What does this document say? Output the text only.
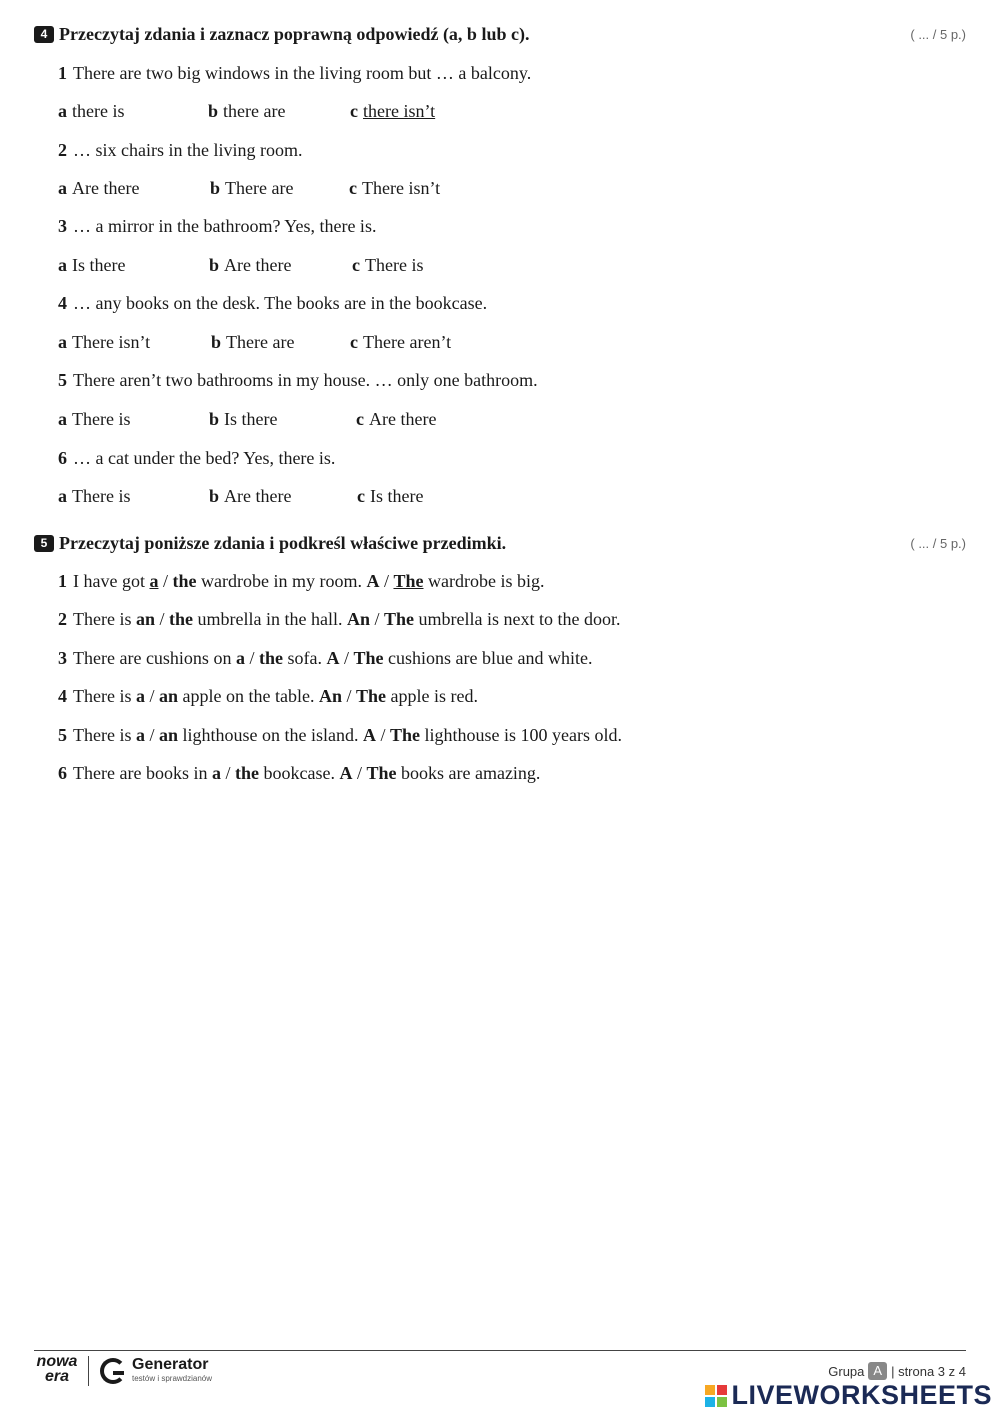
4 Przeczytaj zdania i zaznacz poprawną odpowiedź (a, b lub c).	( ... / 5 p.)
1 There are two big windows in the living room but … a balcony.
a there is	b there are	c there isn’t
2 … six chairs in the living room.
a Are there	b There are	c There isn’t
3 … a mirror in the bathroom? Yes, there is.
a Is there	b Are there	c There is
4 … any books on the desk. The books are in the bookcase.
a There isn’t	b There are	c There aren’t
5 There aren’t two bathrooms in my house. … only one bathroom.
a There is	b Is there	c Are there
6 … a cat under the bed? Yes, there is.
a There is	b Are there	c Is there
5 Przeczytaj poniższe zdania i podkreśl właściwe przedimki.	( ... / 5 p.)
1 I have got a / the wardrobe in my room. A / The wardrobe is big.
2 There is an / the umbrella in the hall. An / The umbrella is next to the door.
3 There are cushions on a / the sofa. A / The cushions are blue and white.
4 There is a / an apple on the table. An / The apple is red.
5 There is a / an lighthouse on the island. A / The lighthouse is 100 years old.
6 There are books in a / the bookcase. A / The books are amazing.
nowa
era
Generator
testów i sprawdzianów	Grupa A | strona 3 z 4
LIVEWORKSHEETS
